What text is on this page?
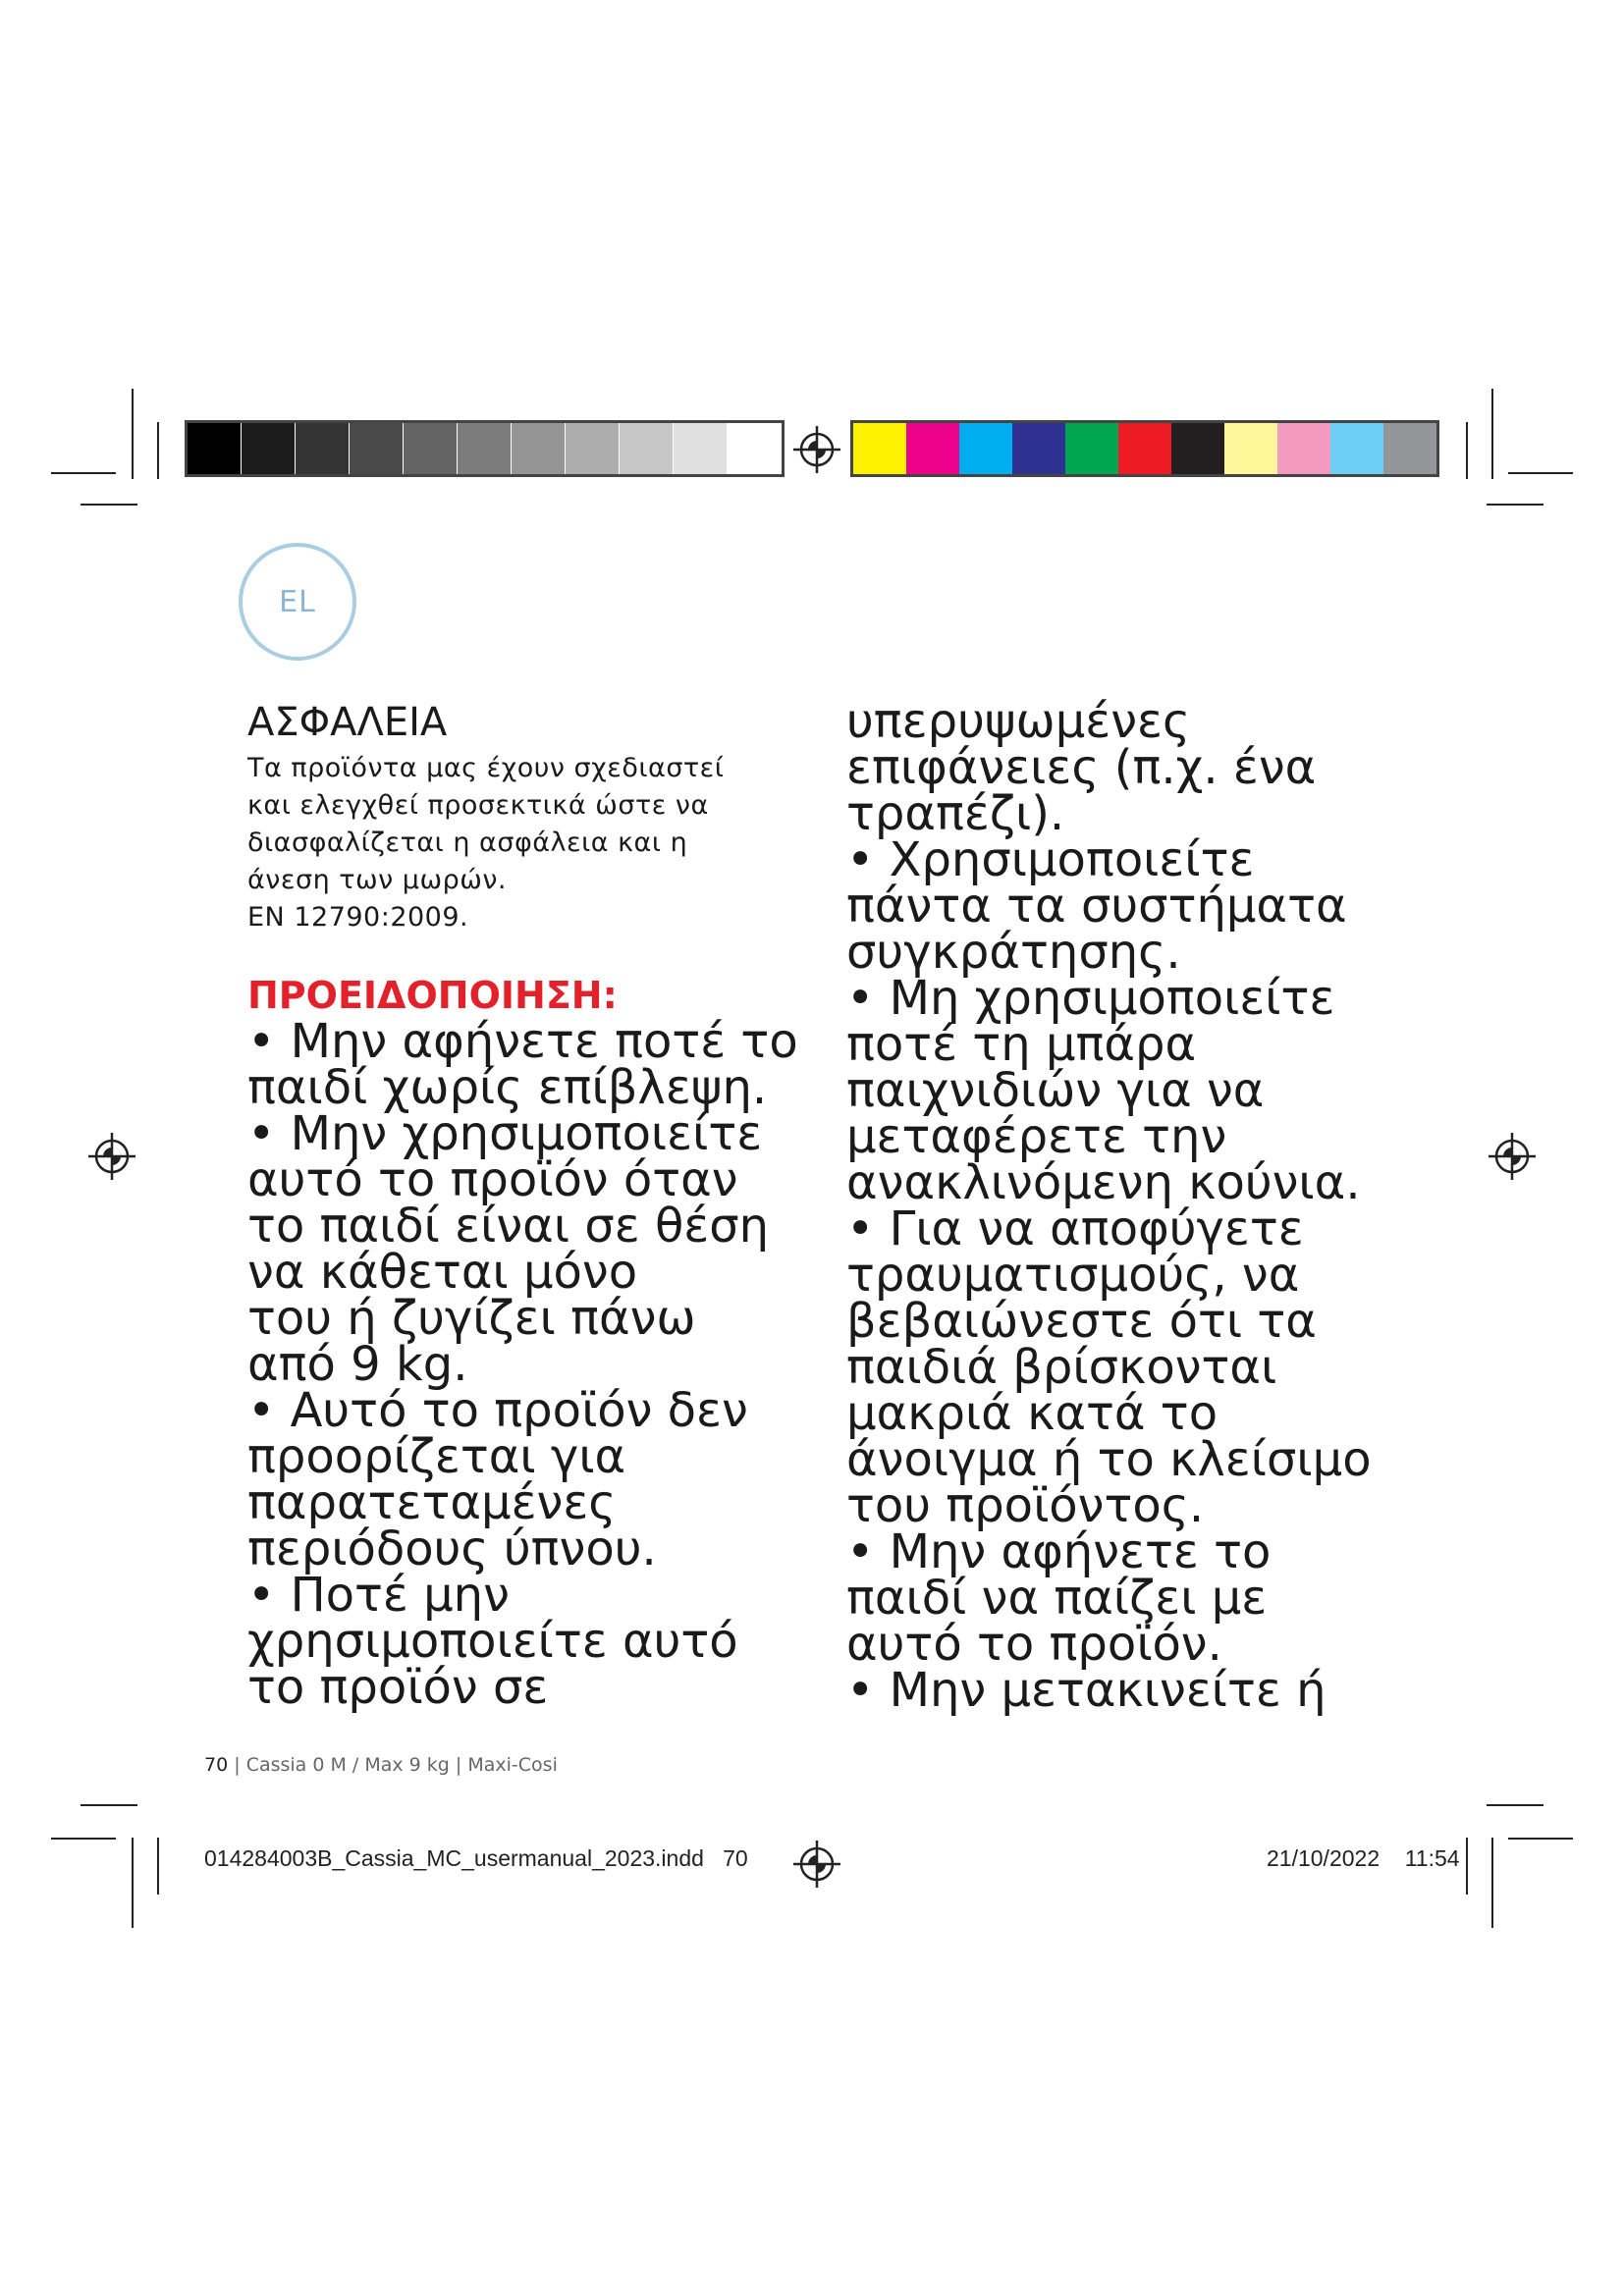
EL
ΑΣΦΑΛΕΙΑ
Τα προϊόντα μας έχουν σχεδιαστεί
και ελεγχθεί προσεκτικά ώστε να
διασφαλίζεται η ασφάλεια και η
άνεση των μωρών.
EN 12790:2009.
ΠΡΟΕΙΔΟΠΟΙΗΣΗ:
• Μην αφήνετε ποτέ το
παιδί χωρίς επίβλεψη.
• Μην χρησιμοποιείτε
αυτό το προϊόν όταν
το παιδί είναι σε θέση
να κάθεται μόνο
του ή ζυγίζει πάνω
από 9 kg.
• Αυτό το προϊόν δεν
προορίζεται για
παρατεταμένες
περιόδους ύπνου.
• Ποτέ μην
χρησιμοποιείτε αυτό
το προϊόν σε
υπερυψωμένες
επιφάνειες (π.χ. ένα
τραπέζι).
• Χρησιμοποιείτε
πάντα τα συστήματα
συγκράτησης.
• Μη χρησιμοποιείτε
ποτέ τη μπάρα
παιχνιδιών για να
μεταφέρετε την
ανακλινόμενη κούνια.
• Για να αποφύγετε
τραυματισμούς, να
βεβαιώνεστε ότι τα
παιδιά βρίσκονται
μακριά κατά το
άνοιγμα ή το κλείσιμο
του προϊόντος.
• Μην αφήνετε το
παιδί να παίζει με
αυτό το προϊόν.
• Μην μετακινείτε ή
70 | Cassia 0 M / Max 9 kg | Maxi-Cosi
014284003B_Cassia_MC_usermanual_2023.indd 70	21/10/2022 11:54
